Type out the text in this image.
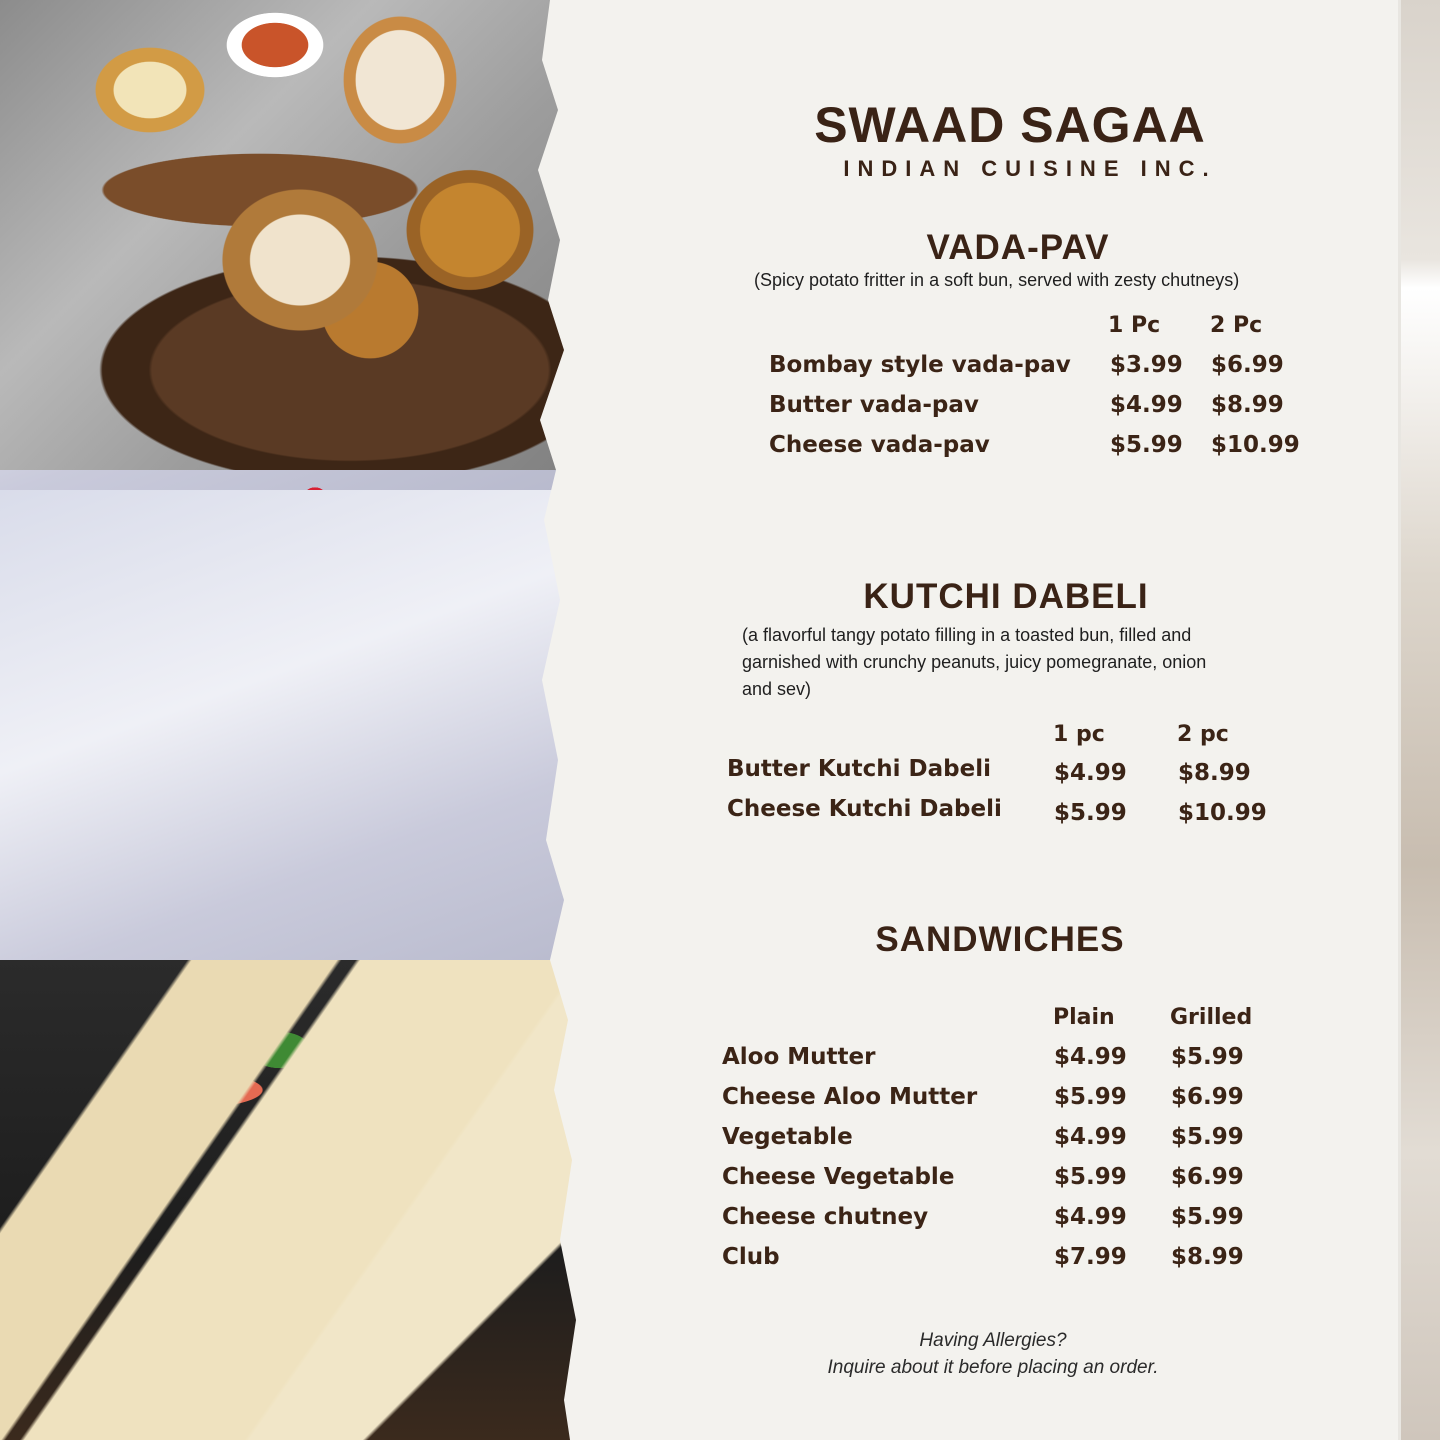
SWAAD SAGAA
INDIAN CUISINE INC.
VADA-PAV
(Spicy potato fritter in a soft bun, served with zesty chutneys)
1 Pc 2 Pc
Bombay style vada-pav $3.99 $6.99
Butter vada-pav	$4.99 $8.99
Cheese vada-pav	$5.99 $10.99
KUTCHI DABELI
(a flavorful tangy potato filling in a toasted bun, filled and
garnished with crunchy peanuts, juicy pomegranate, onion
and sev)
1 pc	2 pc
Butter Kutchi Dabeli	$4.99 $8.99
Cheese Kutchi Dabeli $5.99 $10.99
SANDWICHES
Plain	Grilled
Aloo Mutter	$4.99 $5.99
Cheese Aloo Mutter	$5.99 $6.99
Vegetable	$4.99 $5.99
Cheese Vegetable	$5.99 $6.99
Cheese chutney	$4.99 $5.99
Club	$7.99 $8.99
Having Allergies?
Inquire about it before placing an order.
